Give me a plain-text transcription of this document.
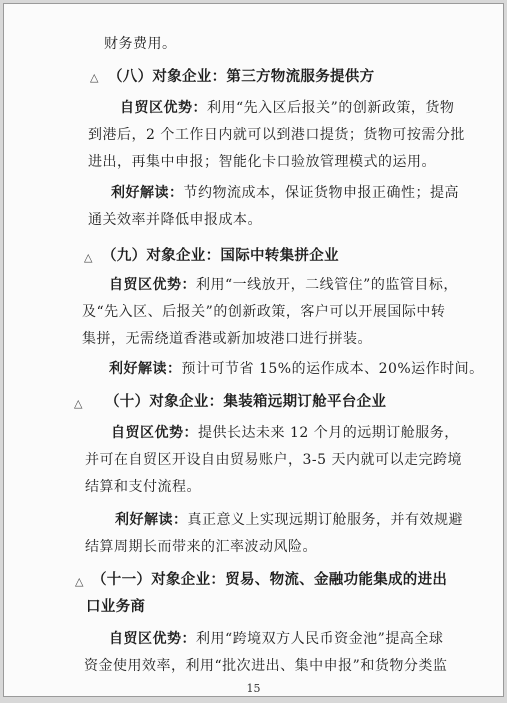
财务费用。
△ （八）对象企业：第三方物流服务提供方
自贸区优势：利用“先入区后报关”的创新政策，货物
到港后，2 个工作日内就可以到港口提货；货物可按需分批
进出，再集中申报；智能化卡口验放管理模式的运用。
利好解读：节约物流成本，保证货物申报正确性；提高
通关效率并降低申报成本。
△ （九）对象企业：国际中转集拼企业
自贸区优势：利用“一线放开，二线管住”的监管目标，
及“先入区、后报关”的创新政策，客户可以开展国际中转
集拼，无需绕道香港或新加坡港口进行拼装。
利好解读：预计可节省 15%的运作成本、20%运作时间。
△ （十）对象企业：集装箱远期订舱平台企业
自贸区优势：提供长达未来 12 个月的远期订舱服务，
并可在自贸区开设自由贸易账户，3-5 天内就可以走完跨境
结算和支付流程。
利好解读：真正意义上实现远期订舱服务，并有效规避
结算周期长而带来的汇率波动风险。
△ （十一）对象企业：贸易、物流、金融功能集成的进出
口业务商
自贸区优势：利用“跨境双方人民币资金池”提高全球
资金使用效率，利用“批次进出、集中申报”和货物分类监
15
